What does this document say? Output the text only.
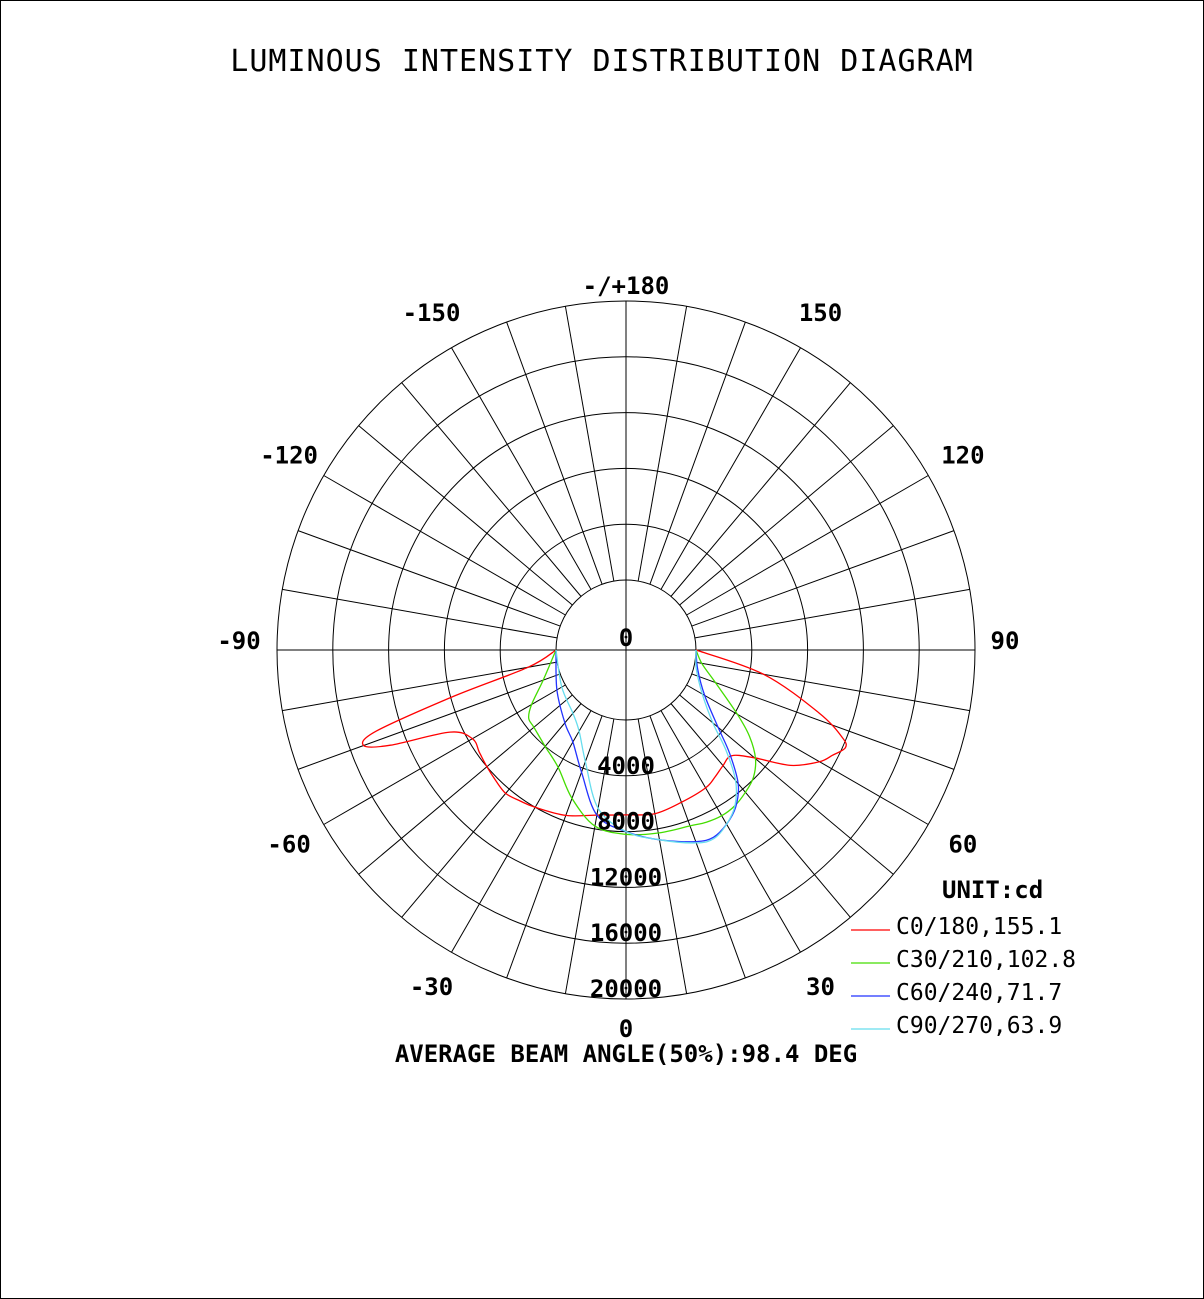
LUMINOUS INTENSITY DISTRIBUTION DIAGRAM
-/+180
-150	150
-120	120
-90	90
-60	60
-30	30
0
0
4000
8000
12000
16000
20000
C0/180,155.1
C30/210,102.8
C60/240,71.7
C90/270,63.9
UNIT:cd
AVERAGE BEAM ANGLE(50%):98.4 DEG
